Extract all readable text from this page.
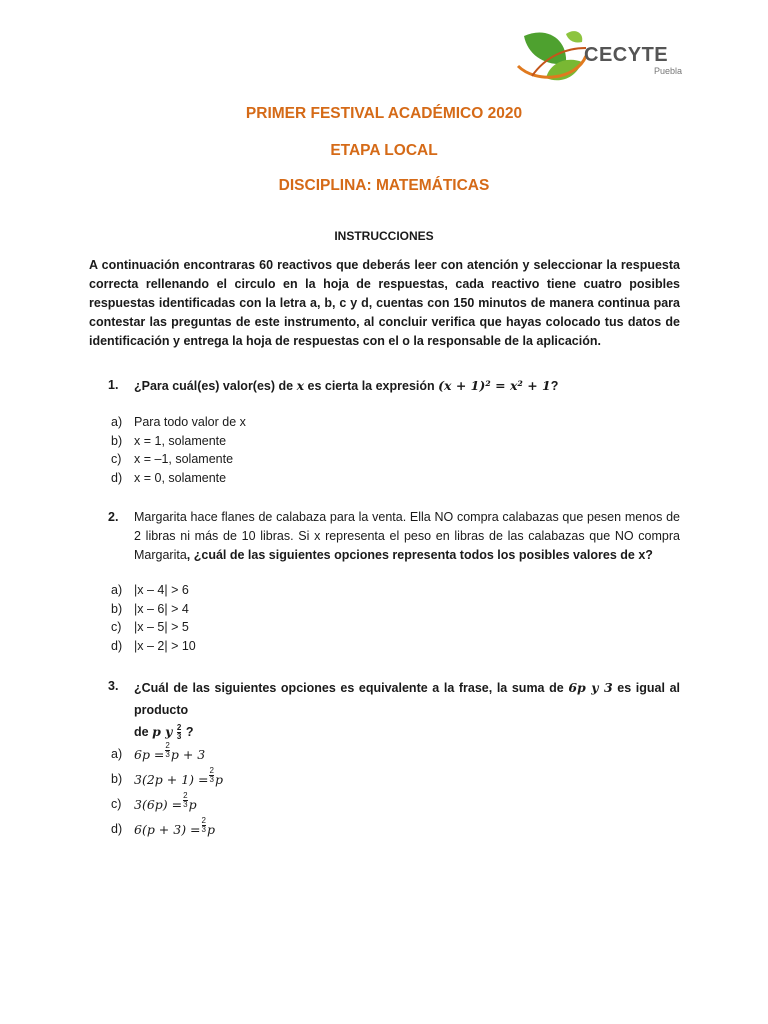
CECYTE
Puebla
PRIMER FESTIVAL ACADÉMICO 2020
ETAPA LOCAL
DISCIPLINA: MATEMÁTICAS
INSTRUCCIONES
A continuación encontraras 60 reactivos que deberás leer con atención y seleccionar la respuesta correcta rellenando el circulo en la hoja de respuestas, cada reactivo tiene cuatro posibles respuestas identificadas con la letra a, b, c y d, cuentas con 150 minutos de manera continua para contestar las preguntas de este instrumento, al concluir verifica que hayas colocado tus datos de identificación y entrega la hoja de respuestas con el o la responsable de la aplicación.
1. ¿Para cuál(es) valor(es) de x es cierta la expresión (x + 1)² = x² + 1?
a) Para todo valor de x
b) x = 1, solamente
c)	x = –1, solamente
d) x = 0, solamente
2. Margarita hace flanes de calabaza para la venta. Ella NO compra calabazas que pesen menos de 2 libras ni más de 10 libras. Si x representa el peso en libras de las calabazas que NO compra Margarita, ¿cuál de las siguientes opciones representa todos los posibles valores de x?
a) |x – 4| > 6
b) |x – 6| > 4
c)	|x – 5| > 5
d) |x – 2| > 10
3. ¿Cuál de las siguientes opciones es equivalente a la frase, la suma de 6p y 3 es igual al producto
de p y $\frac{2}{3}$ ?
a) $6p = \frac{2}{3}$ p + 3
b) $3(2p + 1) = \frac{2}{3}$ p
c)	$3(6p) = \frac{2}{3}$ p
d) $6(p + 3) = \frac{2}{3}$ p
